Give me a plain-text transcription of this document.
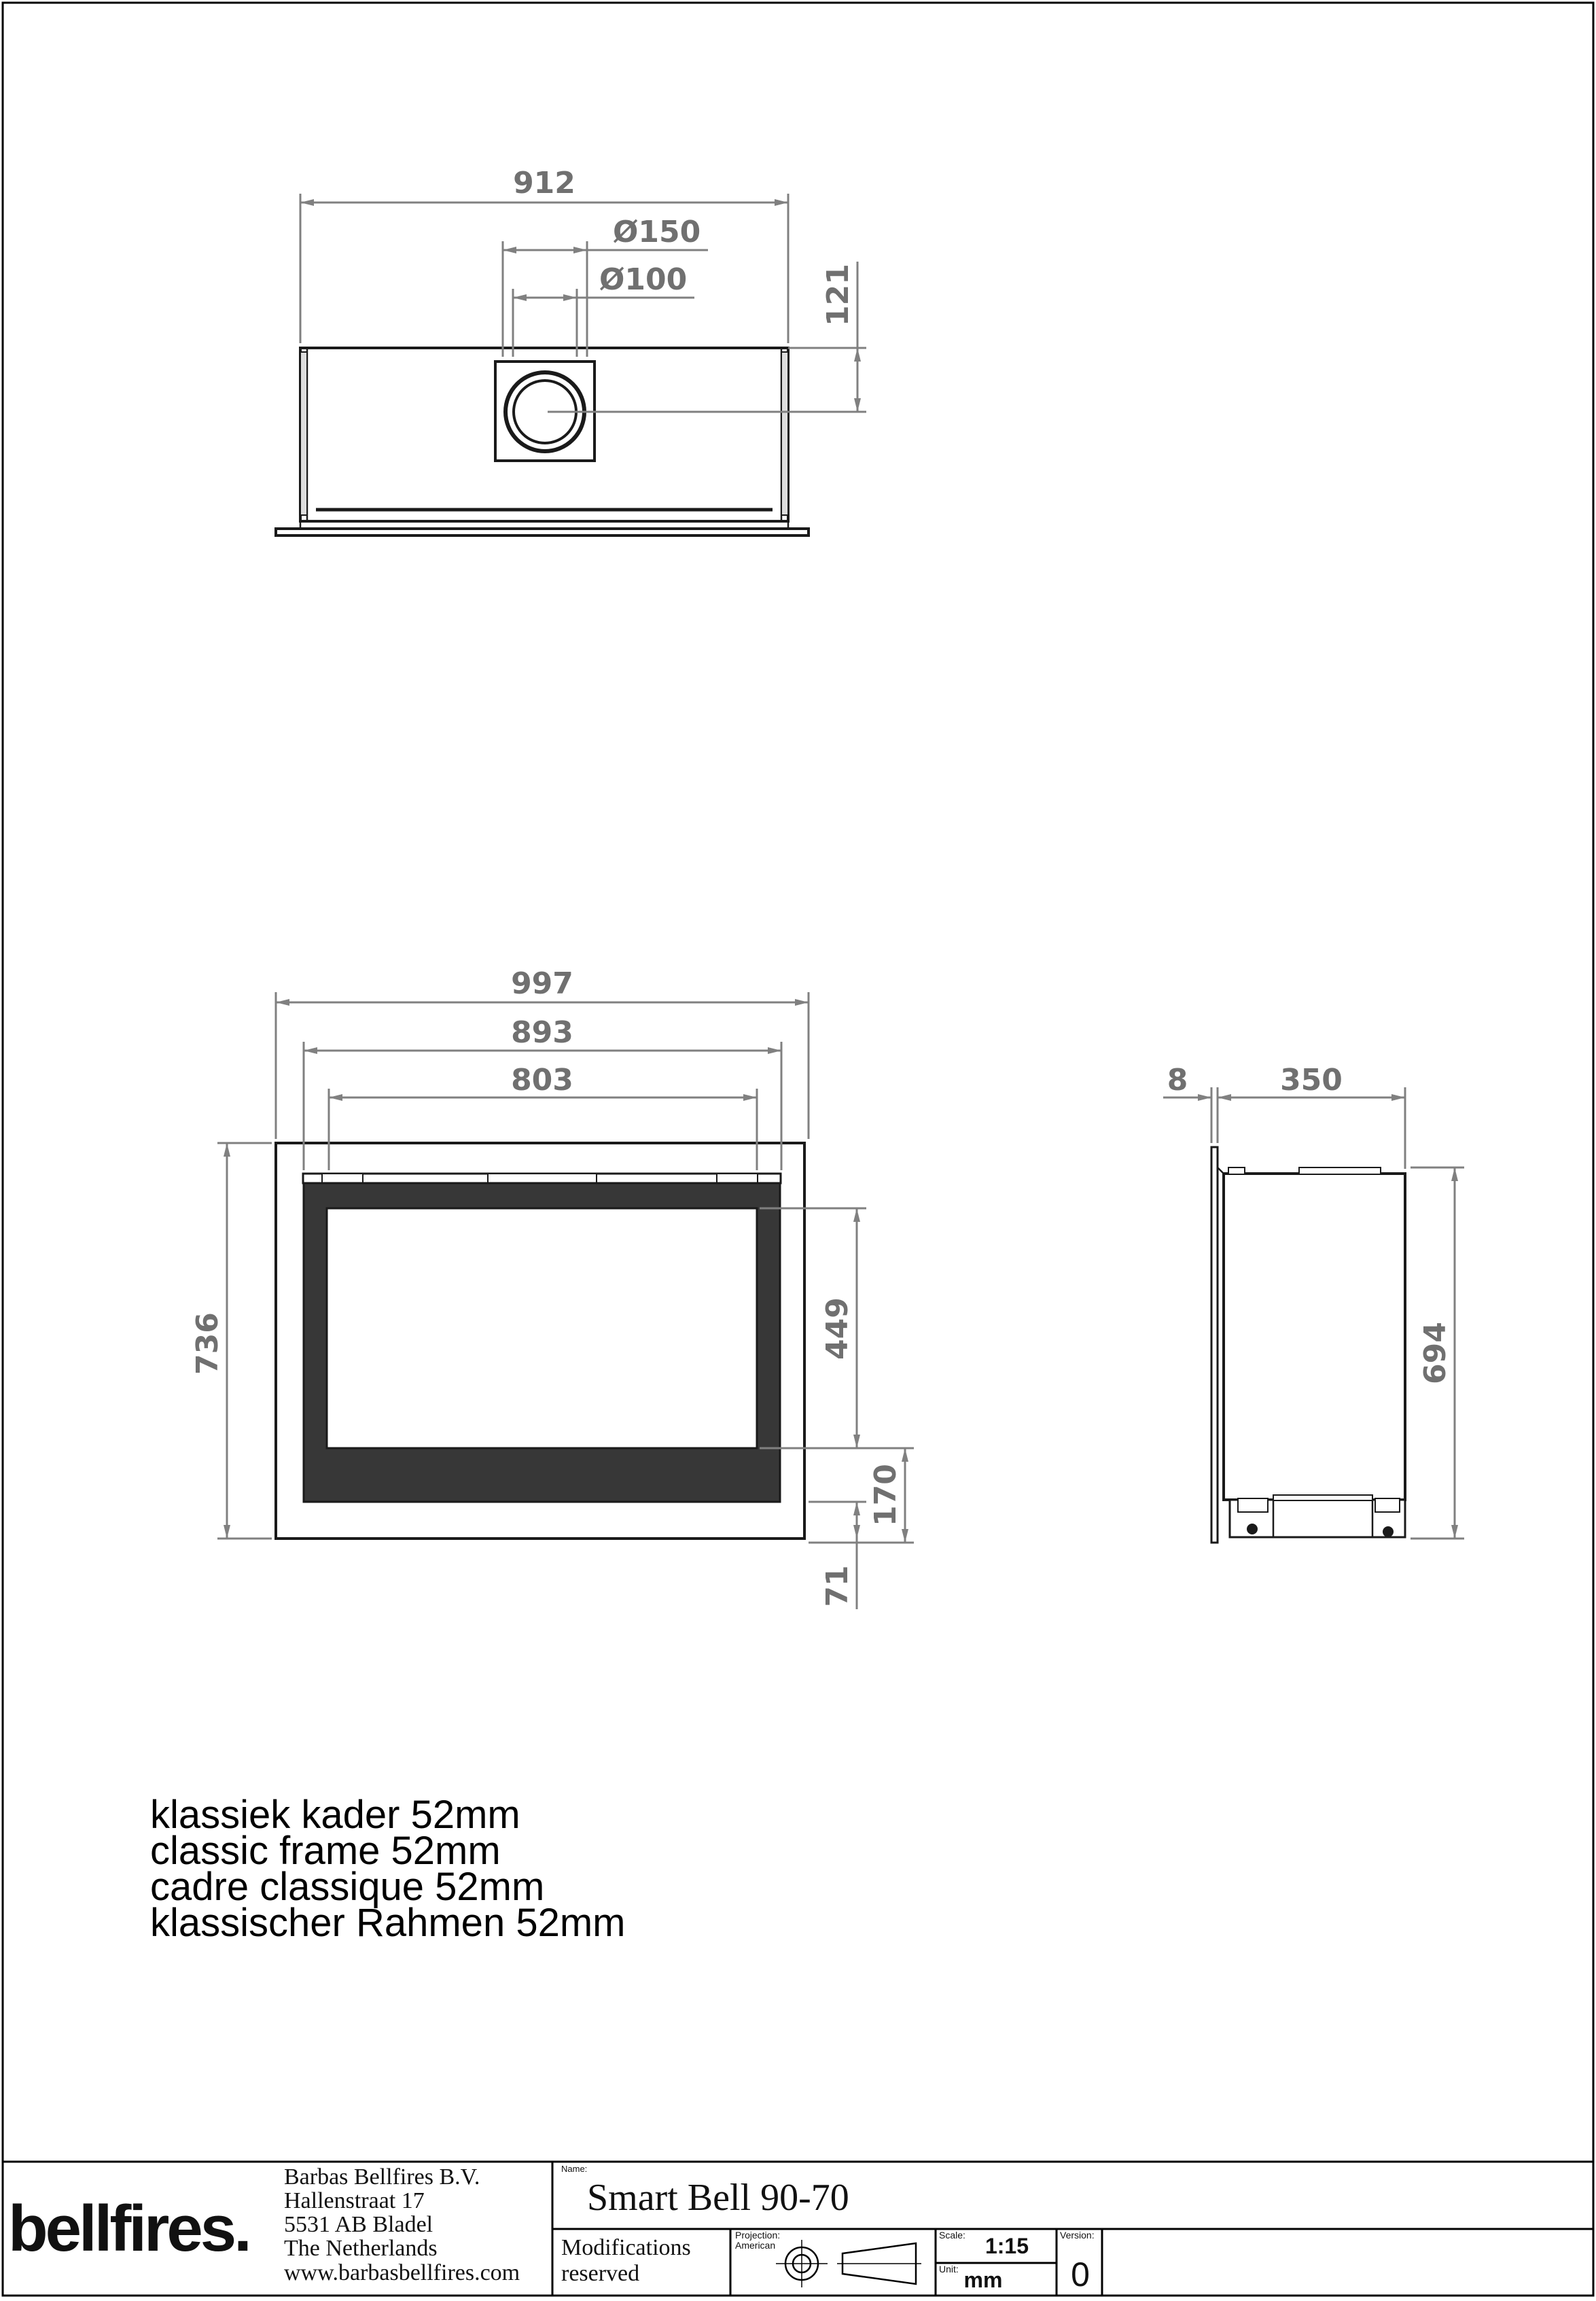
912
Ø150
Ø100	121
997
893
803
736	449
170
71
8	350
694
klassiek kader 52mm
classic frame 52mm
cadre classique 52mm
klassischer Rahmen 52mm
bellfires.
Barbas Bellfires B.V.
Hallenstraat 17
5531 AB Bladel
The Netherlands
www.barbasbellfires.com
Name:
Smart Bell 90-70
Modifications
reserved
Projection:
American
Scale: 1:15
Unit: mm
Version:
0
